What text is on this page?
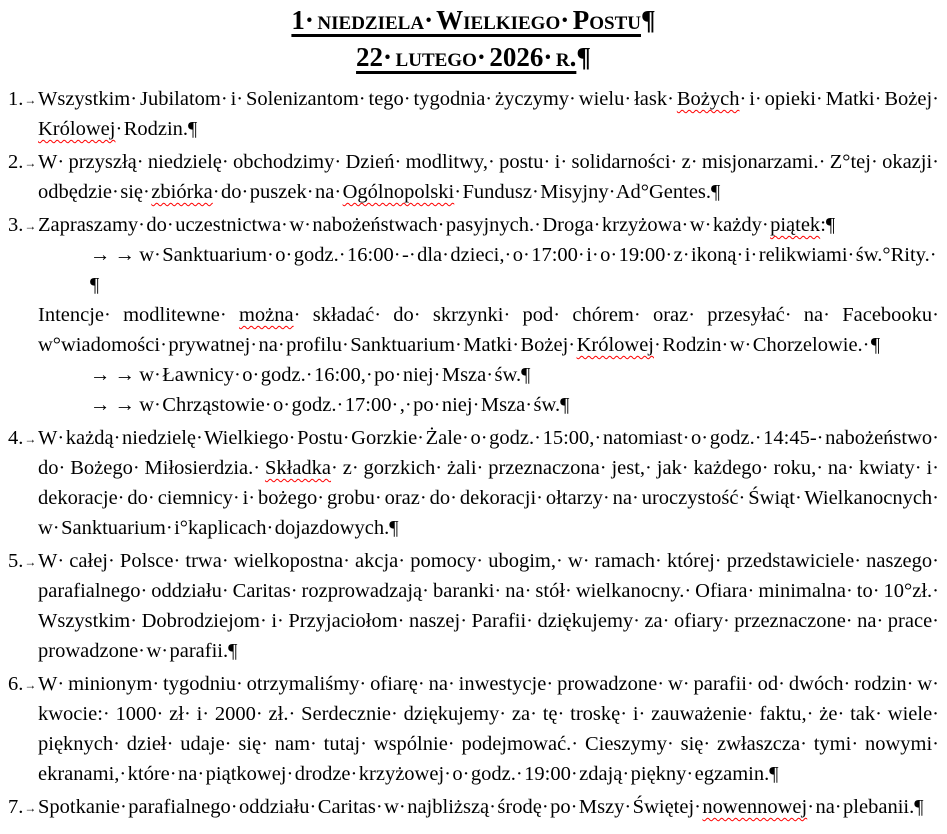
1· niedziela· Wielkiego· Postu¶
22· lutego· 2026· r.¶
1.→ Wszystkim· Jubilatom· i· Solenizantom· tego· tygodnia· życzymy· wielu· łask· Bożych· i· opieki· Matki· Bożej· Królowej· Rodzin.¶

2.→ W· przyszłą· niedzielę· obchodzimy· Dzień· modlitwy,· postu· i· solidarności· z· misjonarzami.· Z°tej· okazji· odbędzie· się· zbiórka· do· puszek· na· Ogólnopolski· Fundusz· Misyjny· Ad°Gentes.¶

3.→ Zapraszamy· do· uczestnictwa· w· nabożeństwach· pasyjnych.· Droga· krzyżowa· w· każdy· piątek:¶

→ → w· Sanktuarium· o· godz.· 16:00· -· dla· dzieci,· o· 17:00· i· o· 19:00· z· ikoną· i· relikwiami· św.°Rity.· ¶

Intencje· modlitewne· można· składać· do· skrzynki· pod· chórem· oraz· przesyłać· na· Facebooku· w°wiadomości· prywatnej· na· profilu· Sanktuarium· Matki· Bożej· Królowej· Rodzin· w· Chorzelowie.· ¶

→ → w· Ławnicy· o· godz.· 16:00,· po· niej· Msza· św.¶

→ → w· Chrząstowie· o· godz.· 17:00· ,· po· niej· Msza· św.¶

4.→ W· każdą· niedzielę· Wielkiego· Postu· Gorzkie· Żale· o· godz.· 15:00,· natomiast· o· godz.· 14:45-· nabożeństwo· do· Bożego· Miłosierdzia.· Składka· z· gorzkich· żali· przeznaczona· jest,· jak· każdego· roku,· na· kwiaty· i· dekoracje· do· ciemnicy· i· bożego· grobu· oraz· do· dekoracji· ołtarzy· na· uroczystość· Świąt· Wielkanocnych· w· Sanktuarium· i°kaplicach· dojazdowych.¶

5.→ W· całej· Polsce· trwa· wielkopostna· akcja· pomocy· ubogim,· w· ramach· której· przedstawiciele· naszego· parafialnego· oddziału· Caritas· rozprowadzają· baranki· na· stół· wielkanocny.· Ofiara· minimalna· to· 10°zł.· Wszystkim· Dobrodziejom· i· Przyjaciołom· naszej· Parafii· dziękujemy· za· ofiary· przeznaczone· na· prace· prowadzone· w· parafii.¶

6.→ W· minionym· tygodniu· otrzymaliśmy· ofiarę· na· inwestycje· prowadzone· w· parafii· od· dwóch· rodzin· w· kwocie:· 1000· zł· i· 2000· zł.· Serdecznie· dziękujemy· za· tę· troskę· i· zauważenie· faktu,· że· tak· wiele· pięknych· dzieł· udaje· się· nam· tutaj· wspólnie· podejmować.· Cieszymy· się· zwłaszcza· tymi· nowymi· ekranami,· które· na· piątkowej· drodze· krzyżowej· o· godz.· 19:00· zdają· piękny· egzamin.¶

7.→ Spotkanie· parafialnego· oddziału· Caritas· w· najbliższą· środę· po· Mszy· Świętej· nowennowej· na· plebanii.¶
